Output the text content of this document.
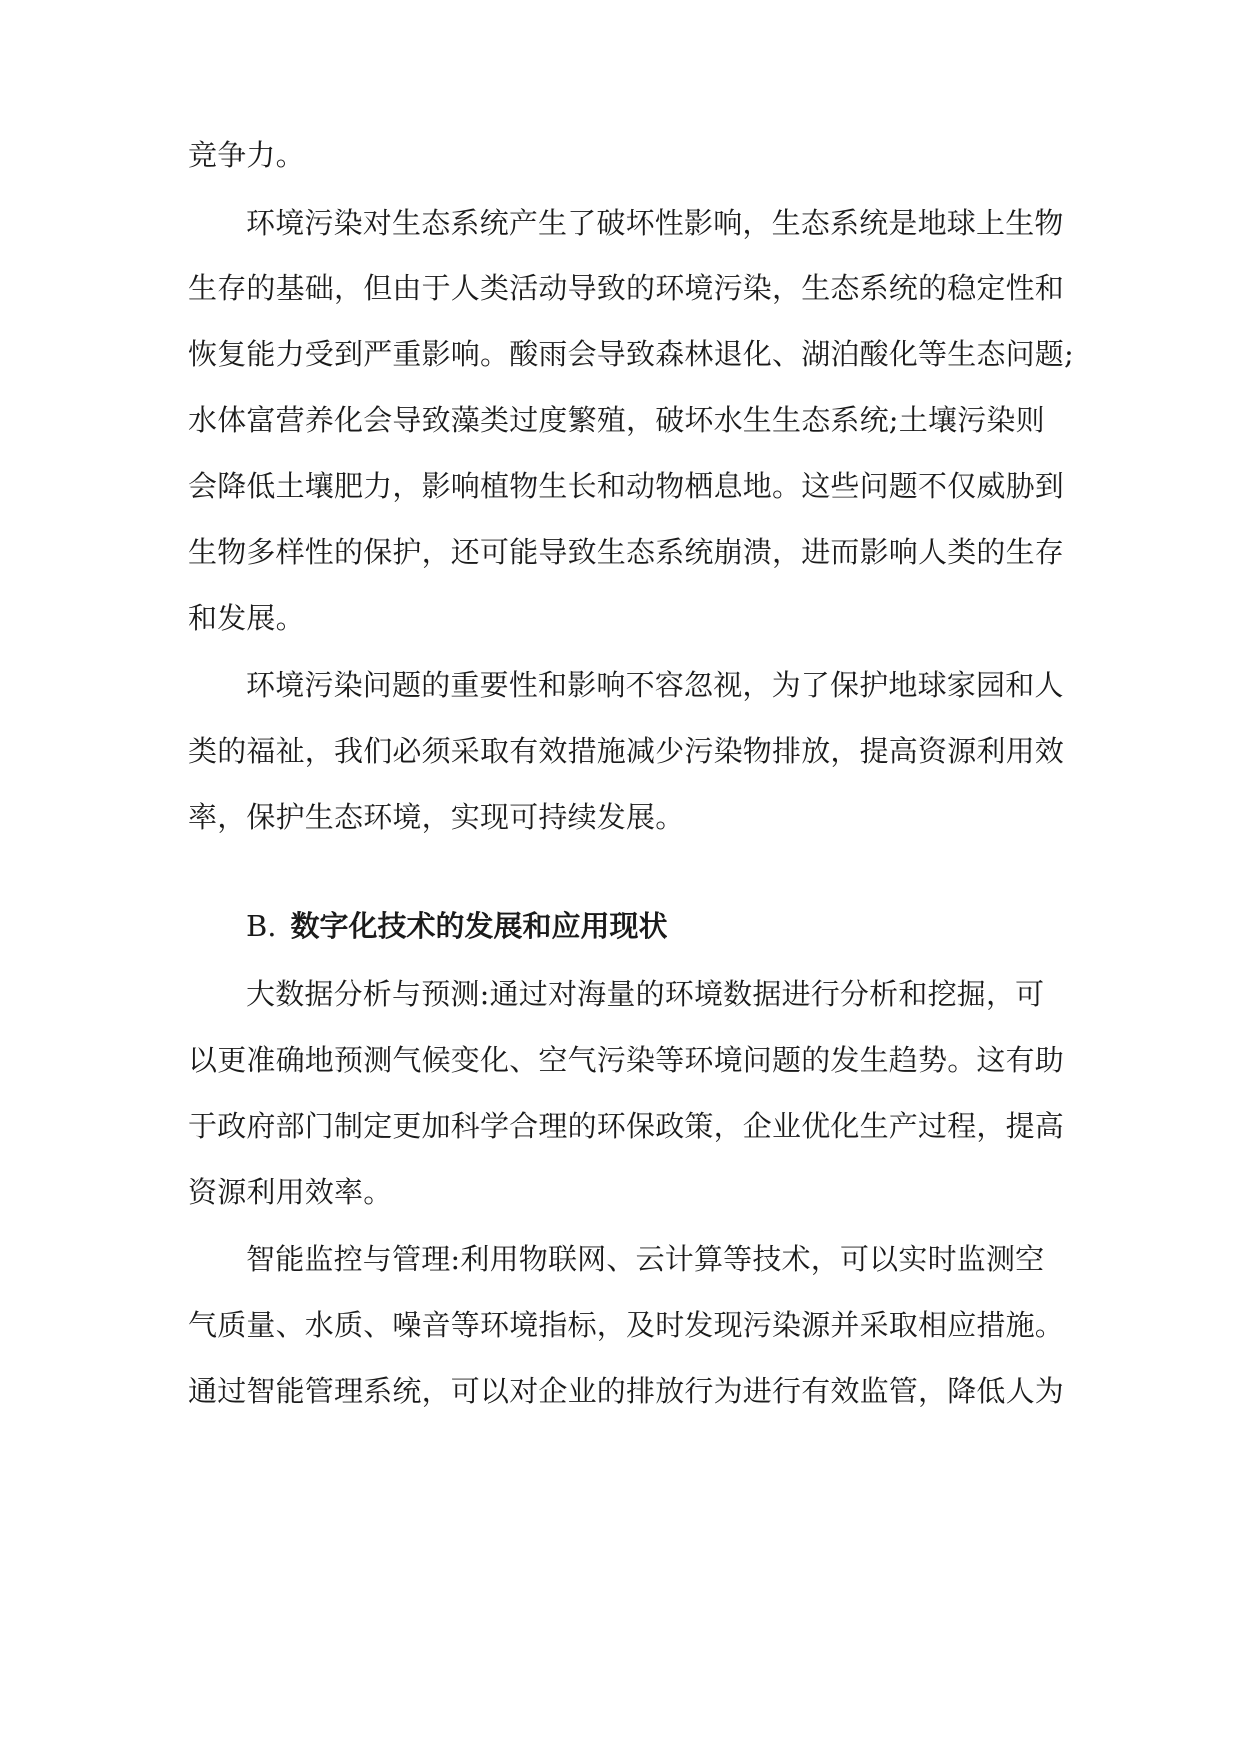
竞争力。
环境污染对生态系统产生了破坏性影响，生态系统是地球上生物
生存的基础，但由于人类活动导致的环境污染，生态系统的稳定性和
恢复能力受到严重影响。酸雨会导致森林退化、湖泊酸化等生态问题;
水体富营养化会导致藻类过度繁殖，破坏水生生态系统;土壤污染则
会降低土壤肥力，影响植物生长和动物栖息地。这些问题不仅威胁到
生物多样性的保护，还可能导致生态系统崩溃，进而影响人类的生存
和发展。
环境污染问题的重要性和影响不容忽视，为了保护地球家园和人
类的福祉，我们必须采取有效措施减少污染物排放，提高资源利用效
率，保护生态环境，实现可持续发展。
B. 数字化技术的发展和应用现状
大数据分析与预测:通过对海量的环境数据进行分析和挖掘，可
以更准确地预测气候变化、空气污染等环境问题的发生趋势。这有助
于政府部门制定更加科学合理的环保政策，企业优化生产过程，提高
资源利用效率。
智能监控与管理:利用物联网、云计算等技术，可以实时监测空
气质量、水质、噪音等环境指标，及时发现污染源并采取相应措施。
通过智能管理系统，可以对企业的排放行为进行有效监管，降低人为
